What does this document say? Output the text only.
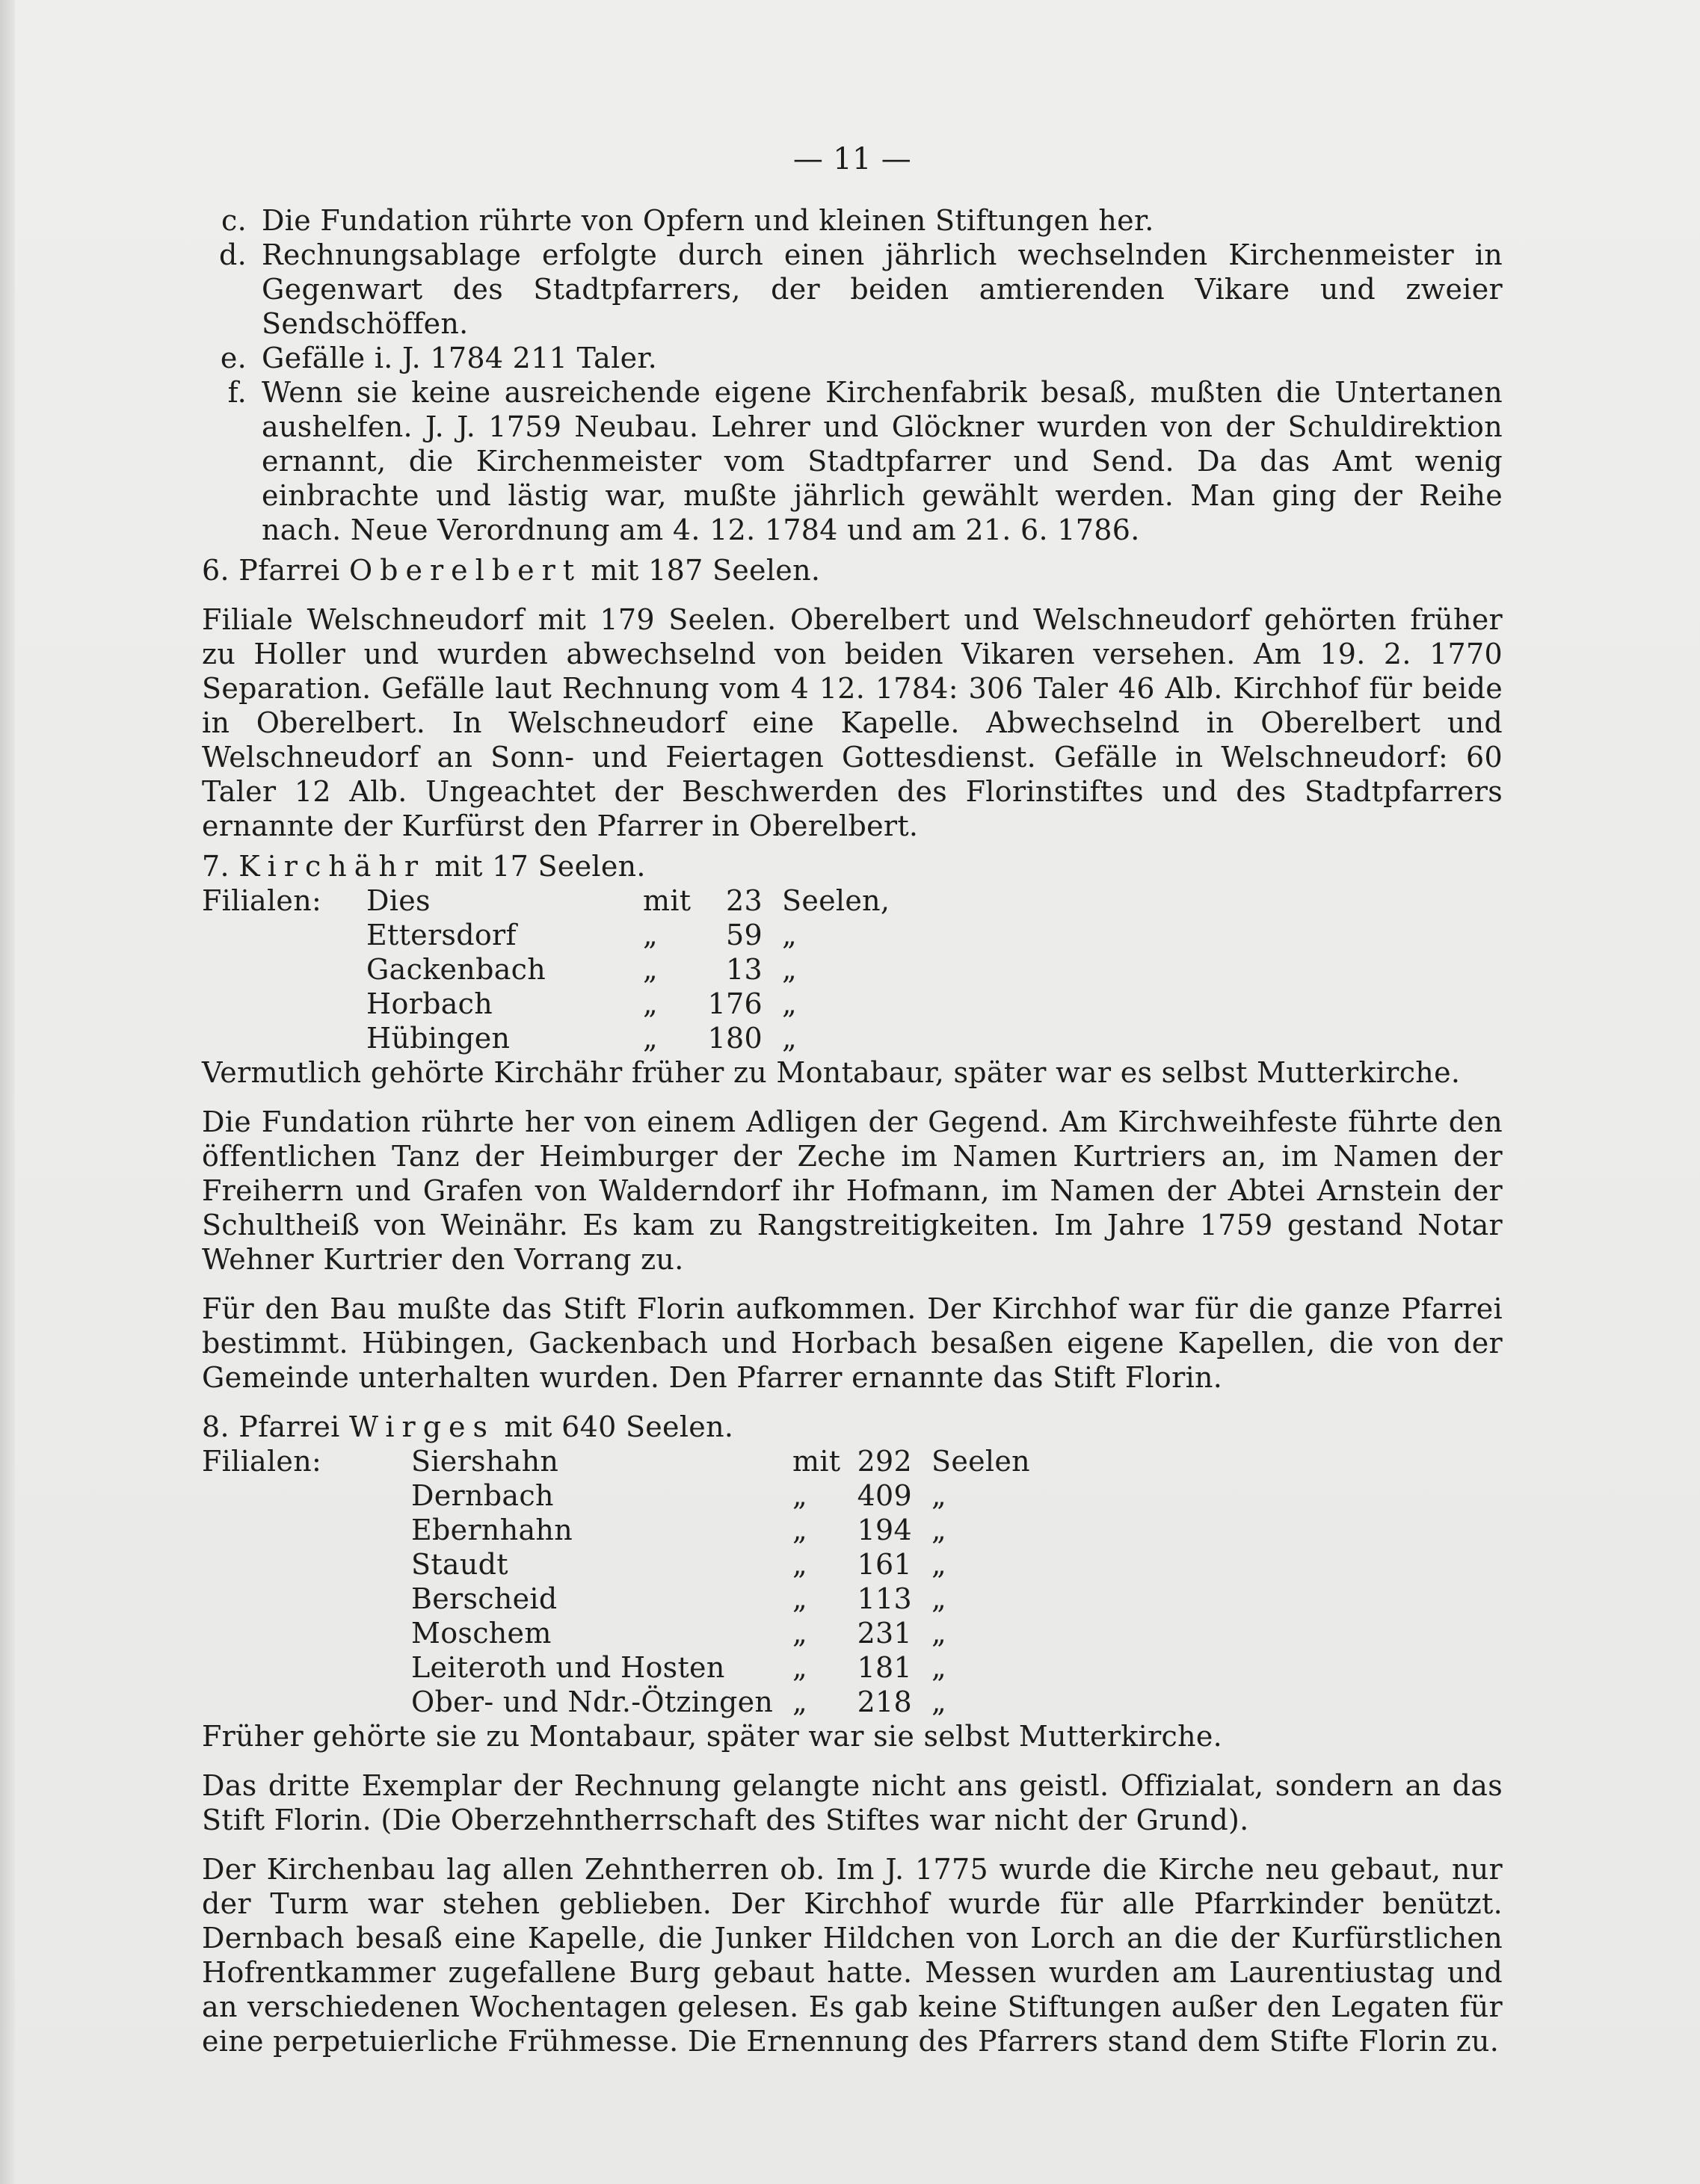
— 11 —
c. Die Fundation rührte von Opfern und kleinen Stiftungen her.
d. Rechnungsablage erfolgte durch einen jährlich wechselnden Kirchenmeister in Gegenwart des Stadtpfarrers, der beiden amtierenden Vikare und zweier Sendschöffen.
e. Gefälle i. J. 1784 211 Taler.
f. Wenn sie keine ausreichende eigene Kirchenfabrik besaß, mußten die Untertanen aushelfen. J. J. 1759 Neubau. Lehrer und Glöckner wurden von der Schuldirektion ernannt, die Kirchenmeister vom Stadtpfarrer und Send. Da das Amt wenig einbrachte und lästig war, mußte jährlich gewählt werden. Man ging der Reihe nach. Neue Verordnung am 4. 12. 1784 und am 21. 6. 1786.
6. Pfarrei Oberelbert mit 187 Seelen.
Filiale Welschneudorf mit 179 Seelen. Oberelbert und Welschneudorf gehörten früher zu Holler und wurden abwechselnd von beiden Vikaren versehen. Am 19. 2. 1770 Separation. Gefälle laut Rechnung vom 4 12. 1784: 306 Taler 46 Alb. Kirchhof für beide in Oberelbert. In Welschneudorf eine Kapelle. Abwechselnd in Oberelbert und Welschneudorf an Sonn- und Feiertagen Gottesdienst. Gefälle in Welschneudorf: 60 Taler 12 Alb. Ungeachtet der Beschwerden des Florinstiftes und des Stadtpfarrers ernannte der Kurfürst den Pfarrer in Oberelbert.
7. Kirchähr mit 17 Seelen.
Filialen:	Dies	mit	23 Seelen,
Ettersdorf	„	59 „
Gackenbach	„	13 „
Horbach	„	176 „
Hübingen	„	180 „
Vermutlich gehörte Kirchähr früher zu Montabaur, später war es selbst Mutterkirche.
Die Fundation rührte her von einem Adligen der Gegend. Am Kirchweihfeste führte den öffentlichen Tanz der Heimburger der Zeche im Namen Kurtriers an, im Namen der Freiherrn und Grafen von Walderndorf ihr Hofmann, im Namen der Abtei Arnstein der Schultheiß von Weinähr. Es kam zu Rangstreitigkeiten. Im Jahre 1759 gestand Notar Wehner Kurtrier den Vorrang zu.
Für den Bau mußte das Stift Florin aufkommen. Der Kirchhof war für die ganze Pfarrei bestimmt. Hübingen, Gackenbach und Horbach besaßen eigene Kapellen, die von der Gemeinde unterhalten wurden. Den Pfarrer ernannte das Stift Florin.
8. Pfarrei Wirges mit 640 Seelen.
Filialen:	Siershahn	mit 292 Seelen
Dernbach	„	409 „
Ebernhahn	„	194 „
Staudt	„	161 „
Berscheid	„	113 „
Moschem	„	231 „
Leiteroth und Hosten	„	181 „
Ober- und Ndr.-Ötzingen „	218 „
Früher gehörte sie zu Montabaur, später war sie selbst Mutterkirche.
Das dritte Exemplar der Rechnung gelangte nicht ans geistl. Offizialat, sondern an das Stift Florin. (Die Oberzehntherrschaft des Stiftes war nicht der Grund).
Der Kirchenbau lag allen Zehntherren ob. Im J. 1775 wurde die Kirche neu gebaut, nur der Turm war stehen geblieben. Der Kirchhof wurde für alle Pfarrkinder benützt. Dernbach besaß eine Kapelle, die Junker Hildchen von Lorch an die der Kurfürstlichen Hofrentkammer zugefallene Burg gebaut hatte. Messen wurden am Laurentiustag und an verschiedenen Wochentagen gelesen. Es gab keine Stiftungen außer den Legaten für eine perpetuierliche Frühmesse. Die Ernennung des Pfarrers stand dem Stifte Florin zu.
